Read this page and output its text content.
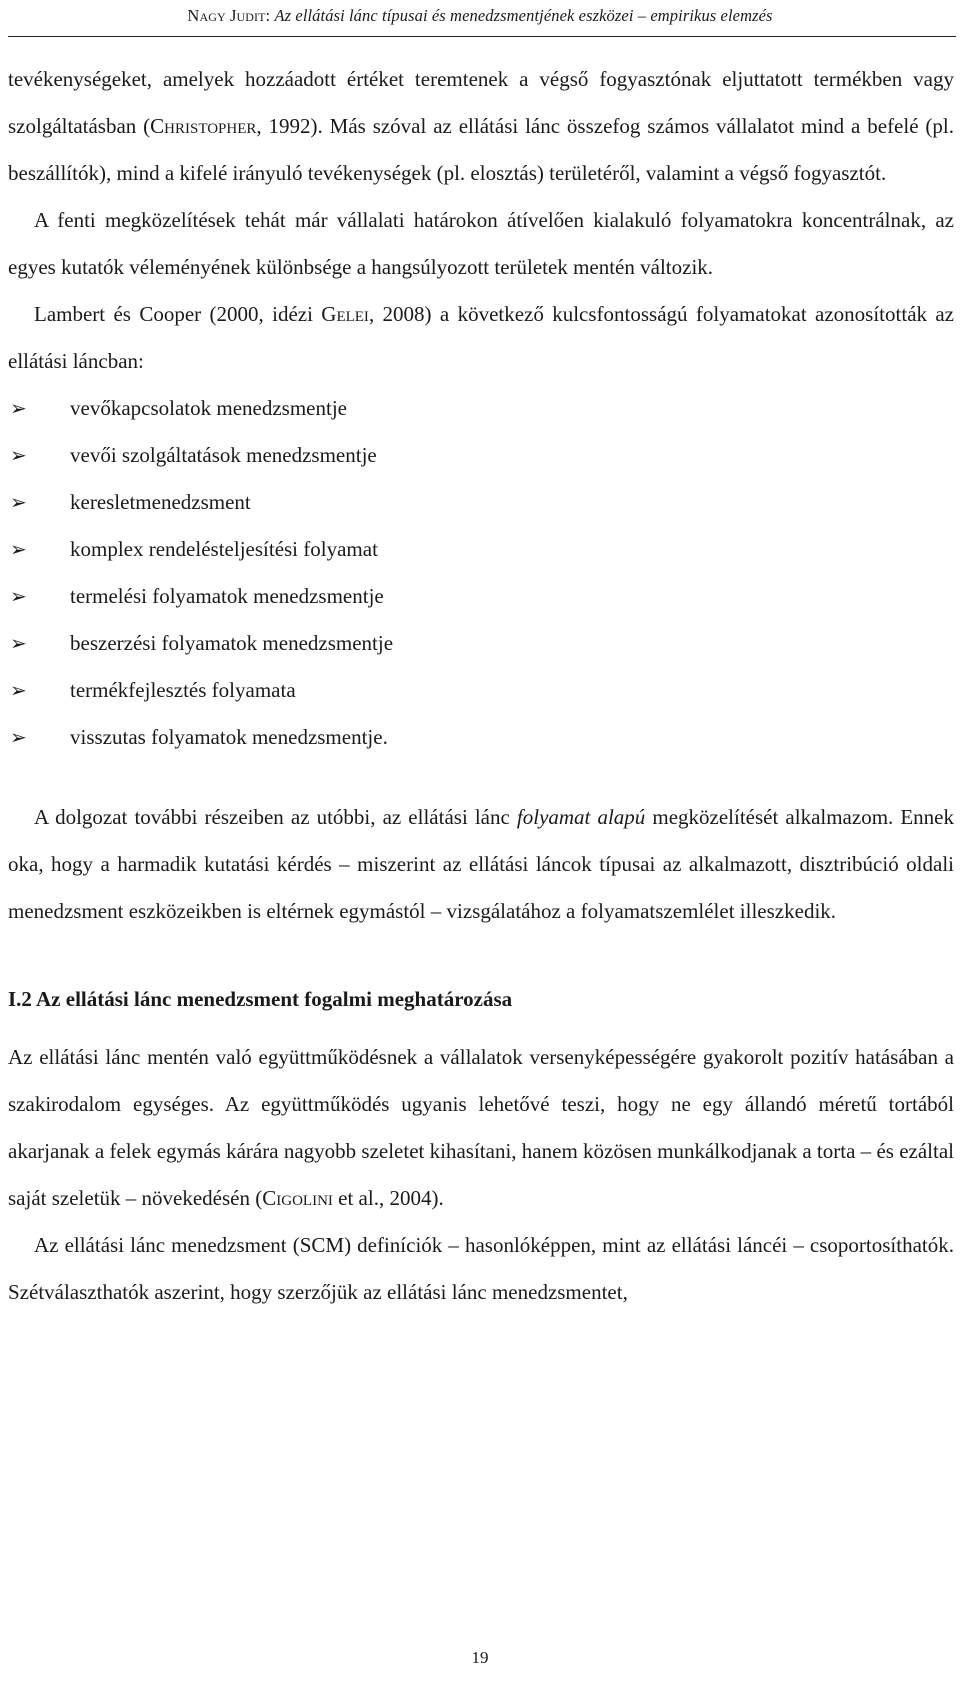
Nagy Judit: Az ellátási lánc típusai és menedzsmentjének eszközei – empirikus elemzés

tevékenységeket, amelyek hozzáadott értéket teremtenek a végső fogyasztónak eljuttatott termékben vagy szolgáltatásban (Christopher, 1992). Más szóval az ellátási lánc összefog számos vállalatot mind a befelé (pl. beszállítók), mind a kifelé irányuló tevékenységek (pl. elosztás) területéről, valamint a végső fogyasztót.

A fenti megközelítések tehát már vállalati határokon átívelően kialakuló folyamatokra koncentrálnak, az egyes kutatók véleményének különbsége a hangsúlyozott területek mentén változik.

Lambert és Cooper (2000, idézi Gelei, 2008) a következő kulcsfontosságú folyamatokat azonosították az ellátási láncban:

➢ vevőkapcsolatok menedzsmentje
➢ vevői szolgáltatások menedzsmentje
➢ keresletmenedzsment
➢ komplex rendelésteljesítési folyamat
➢ termelési folyamatok menedzsmentje
➢ beszerzési folyamatok menedzsmentje
➢ termékfejlesztés folyamata
➢ visszutas folyamatok menedzsmentje.

A dolgozat további részeiben az utóbbi, az ellátási lánc folyamat alapú megközelítését alkalmazom. Ennek oka, hogy a harmadik kutatási kérdés – miszerint az ellátási láncok típusai az alkalmazott, disztribúció oldali menedzsment eszközeikben is eltérnek egymástól – vizsgálatához a folyamatszemlélet illeszkedik.

I.2 Az ellátási lánc menedzsment fogalmi meghatározása

Az ellátási lánc mentén való együttműködésnek a vállalatok versenyképességére gyakorolt pozitív hatásában a szakirodalom egységes. Az együttműködés ugyanis lehetővé teszi, hogy ne egy állandó méretű tortából akarjanak a felek egymás kárára nagyobb szeletet kihasítani, hanem közösen munkálkodjanak a torta – és ezáltal saját szeletük – növekedésén (Cigolini et al., 2004).

Az ellátási lánc menedzsment (SCM) definíciók – hasonlóképpen, mint az ellátási láncéi – csoportosíthatók. Szétválaszthatók aszerint, hogy szerzőjük az ellátási lánc menedzsmentet,

19
